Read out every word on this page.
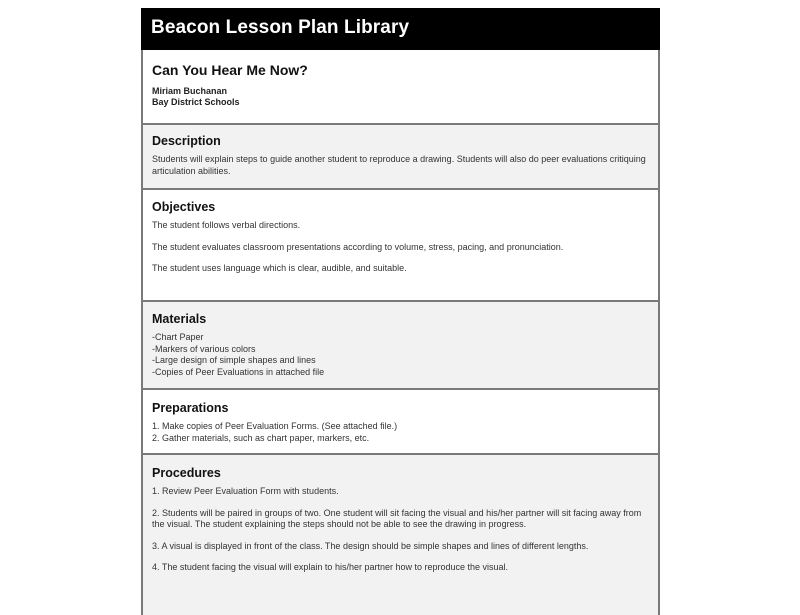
Beacon Lesson Plan Library
Can You Hear Me Now?
Miriam Buchanan
Bay District Schools
Description
Students will explain steps to guide another student to reproduce a drawing. Students will also do peer evaluations critiquing articulation abilities.
Objectives

The student follows verbal directions.

The student evaluates classroom presentations according to volume, stress, pacing, and pronunciation.

The student uses language which is clear, audible, and suitable.

Materials

-Chart Paper

-Markers of various colors

-Large design of simple shapes and lines

-Copies of Peer Evaluations in attached file

Preparations

1. Make copies of Peer Evaluation Forms. (See attached file.)

2. Gather materials, such as chart paper, markers, etc.

Procedures

1. Review Peer Evaluation Form with students.

2. Students will be paired in groups of two. One student will sit facing the visual and his/her partner will sit facing away from the visual. The student explaining the steps should not be able to see the drawing in progress.

3. A visual is displayed in front of the class. The design should be simple shapes and lines of different lengths.

4. The student facing the visual will explain to his/her partner how to reproduce the visual.
